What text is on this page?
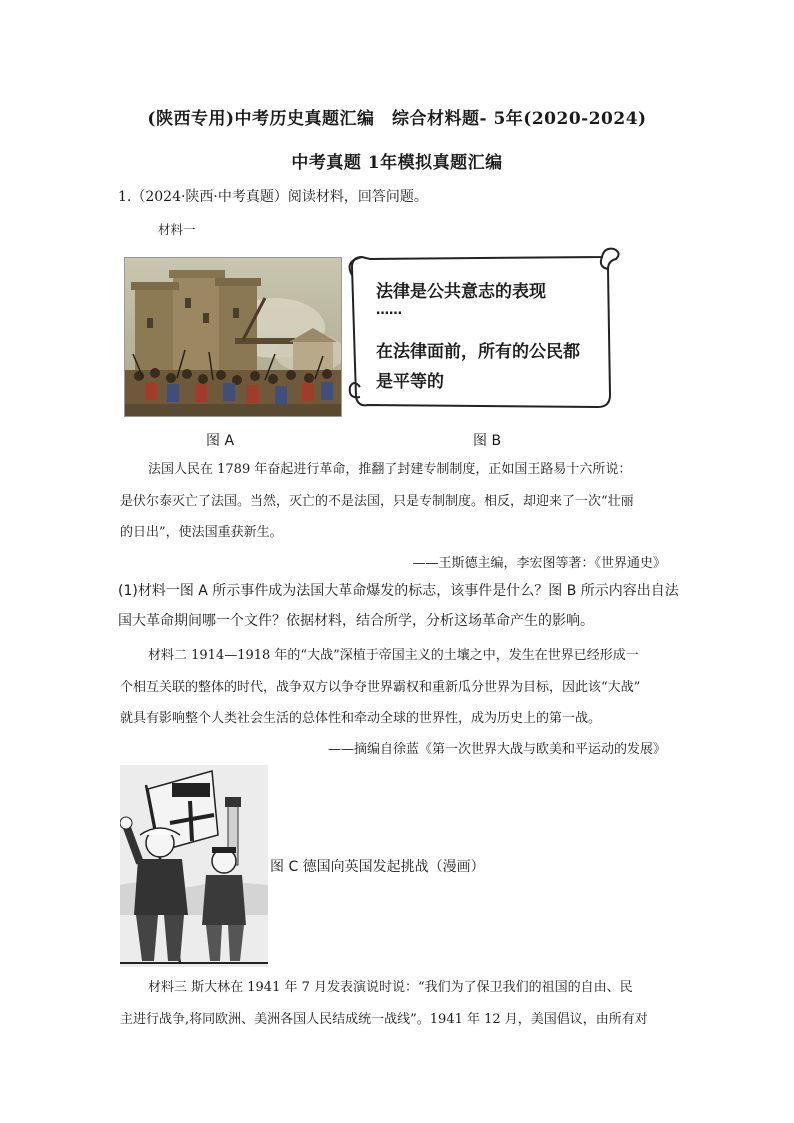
(陕西专用)中考历史真题汇编　综合材料题- 5年(2020-2024)
中考真题 1年模拟真题汇编
1.（2024·陕西·中考真题）阅读材料，回答问题。
材料一
法律是公共意志的表现
……
在法律面前，所有的公民都
是平等的
图 A	图 B
法国人民在 1789 年奋起进行革命，推翻了封建专制制度，正如国王路易十六所说：
是伏尔泰灭亡了法国。当然，灭亡的不是法国，只是专制制度。相反，却迎来了一次“壮丽
的日出”，使法国重获新生。
——王斯德主编，李宏图等著：《世界通史》
(1)材料一图 A 所示事件成为法国大革命爆发的标志，该事件是什么？图 B 所示内容出自法
国大革命期间哪一个文件？依据材料，结合所学，分析这场革命产生的影响。
材料二 1914—1918 年的“大战”深植于帝国主义的土壤之中，发生在世界已经形成一
个相互关联的整体的时代，战争双方以争夺世界霸权和重新瓜分世界为目标，因此该“大战”
就具有影响整个人类社会生活的总体性和牵动全球的世界性，成为历史上的第一战。
——摘编自徐蓝《第一次世界大战与欧美和平运动的发展》
图 C 德国向英国发起挑战（漫画）
材料三 斯大林在 1941 年 7 月发表演说时说：“我们为了保卫我们的祖国的自由、民
主进行战争,将同欧洲、美洲各国人民结成统一战线”。1941 年 12 月，美国倡议，由所有对
